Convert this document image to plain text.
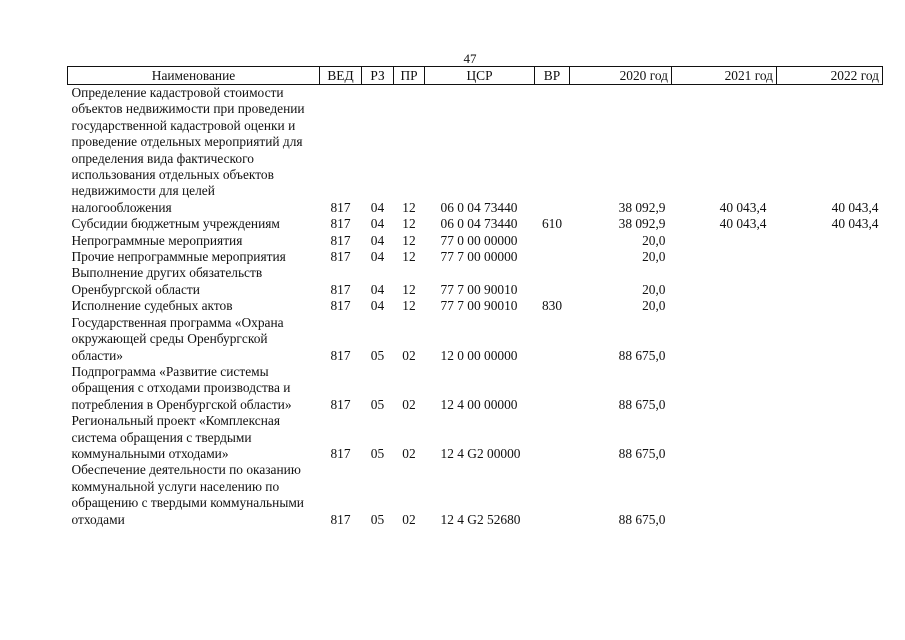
47
Наименование	ВЕД	РЗ	ПР	ЦСР	ВР	2020 год	2021 год	2022 год
Определение кадастровой стоимости объектов недвижимости при проведении государственной кадастровой оценки и проведение отдельных мероприятий для определения вида фактического использования отдельных объектов недвижимости для целей налогообложения	817	04	12	06 0 04 73440		38 092,9	40 043,4	40 043,4
Субсидии бюджетным учреждениям	817	04	12	06 0 04 73440	610	38 092,9	40 043,4	40 043,4
Непрограммные мероприятия	817	04	12	77 0 00 00000		20,0		
Прочие непрограммные мероприятия	817	04	12	77 7 00 00000		20,0		
Выполнение других обязательств Оренбургской области	817	04	12	77 7 00 90010		20,0		
Исполнение судебных актов	817	04	12	77 7 00 90010	830	20,0		
Государственная программа «Охрана окружающей среды Оренбургской области»	817	05	02	12 0 00 00000		88 675,0		
Подпрограмма «Развитие системы обращения с отходами производства и потребления в Оренбургской области»	817	05	02	12 4 00 00000		88 675,0		
Региональный проект «Комплексная система обращения с твердыми коммунальными отходами»	817	05	02	12 4 G2 00000		88 675,0		
Обеспечение деятельности по оказанию коммунальной услуги населению по обращению с твердыми коммунальными отходами	817	05	02	12 4 G2 52680		88 675,0		
